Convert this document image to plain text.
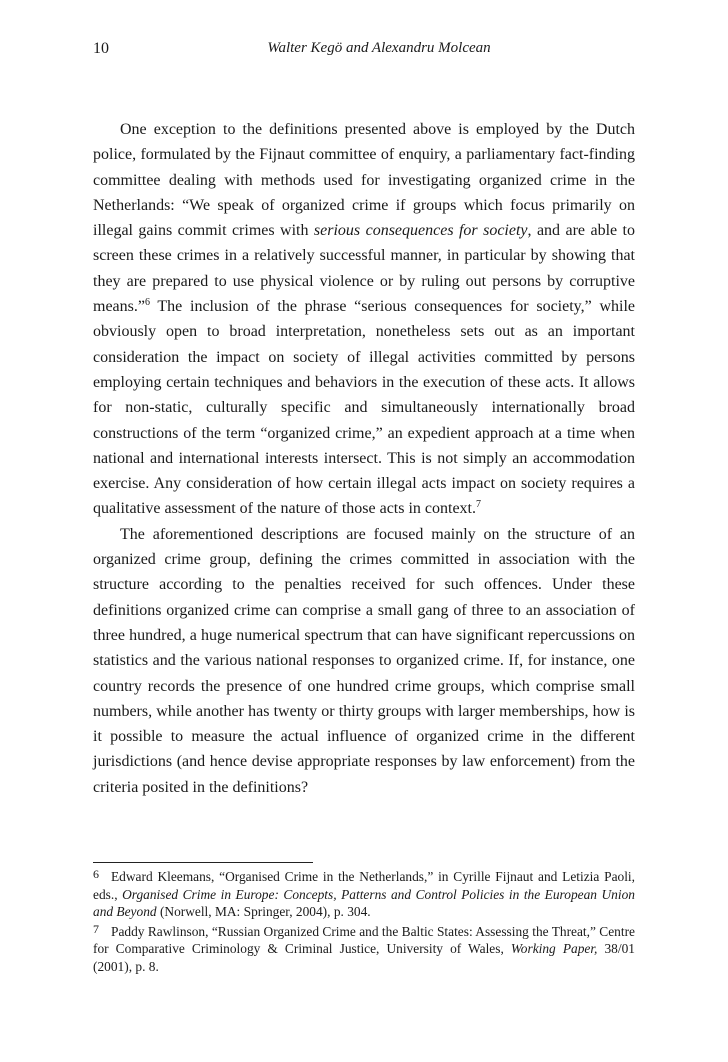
10	Walter Kegö and Alexandru Molcean

One exception to the definitions presented above is employed by the Dutch police, formulated by the Fijnaut committee of enquiry, a parliamentary fact-finding committee dealing with methods used for investigating organized crime in the Netherlands: “We speak of organized crime if groups which focus primarily on illegal gains commit crimes with serious consequences for society, and are able to screen these crimes in a relatively successful manner, in particular by showing that they are prepared to use physical violence or by ruling out persons by corruptive means.”$^6$ The inclusion of the phrase “serious consequences for society,” while obviously open to broad interpretation, nonetheless sets out as an important consideration the impact on society of illegal activities committed by persons employing certain techniques and behaviors in the execution of these acts. It allows for non-static, culturally specific and simultaneously internationally broad constructions of the term “organized crime,” an expedient approach at a time when national and international interests intersect. This is not simply an accommodation exercise. Any consideration of how certain illegal acts impact on society requires a qualitative assessment of the nature of those acts in context.$^7$

The aforementioned descriptions are focused mainly on the structure of an organized crime group, defining the crimes committed in association with the structure according to the penalties received for such offences. Under these definitions organized crime can comprise a small gang of three to an association of three hundred, a huge numerical spectrum that can have significant repercussions on statistics and the various national responses to organized crime. If, for instance, one country records the presence of one hundred crime groups, which comprise small numbers, while another has twenty or thirty groups with larger memberships, how is it possible to measure the actual influence of organized crime in the different jurisdictions (and hence devise appropriate responses by law enforcement) from the criteria posited in the definitions?

6 Edward Kleemans, “Organised Crime in the Netherlands,” in Cyrille Fijnaut and Letizia Paoli, eds., Organised Crime in Europe: Concepts, Patterns and Control Policies in the European Union and Beyond (Norwell, MA: Springer, 2004), p. 304.

7 Paddy Rawlinson, “Russian Organized Crime and the Baltic States: Assessing the Threat,” Centre for Comparative Criminology & Criminal Justice, University of Wales, Working Paper, 38/01 (2001), p. 8.
